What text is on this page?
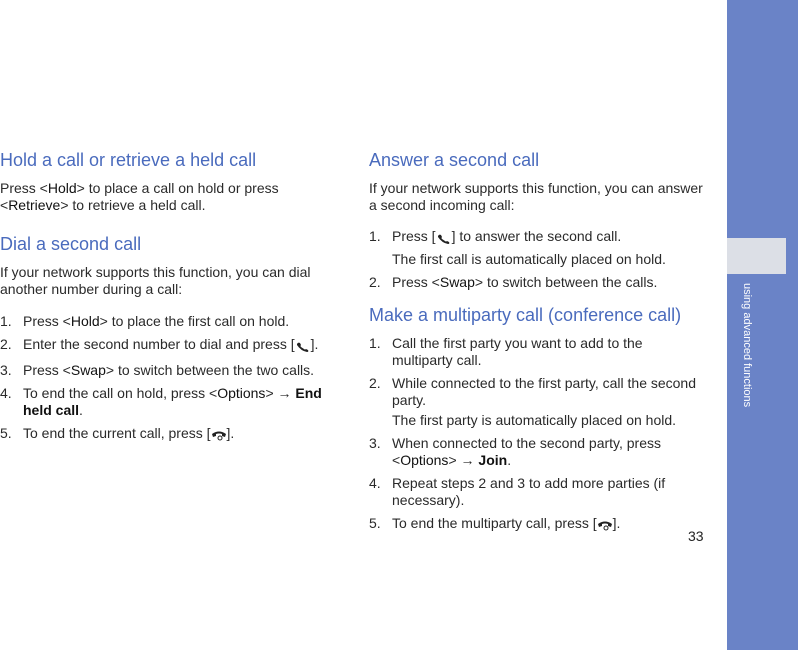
using advanced functions
Hold a call or retrieve a held call

Press <Hold> to place a call on hold or press <Retrieve> to retrieve a held call.

Dial a second call

If your network supports this function, you can dial another number during a call:

1. Press <Hold> to place the first call on hold.
2. Enter the second number to dial and press [ ].
3. Press <Swap> to switch between the two calls.
4. To end the call on hold, press <Options> → End held call.
5. To end the current call, press [ ].
Answer a second call

If your network supports this function, you can answer a second incoming call:

1. Press [ ] to answer the second call.
The first call is automatically placed on hold.
2. Press <Swap> to switch between the calls.
Make a multiparty call (conference call)
1. Call the first party you want to add to the multiparty call.
2. While connected to the first party, call the second party.
The first party is automatically placed on hold.
3. When connected to the second party, press <Options> → Join.
4. Repeat steps 2 and 3 to add more parties (if necessary).
5. To end the multiparty call, press [ ].
33
